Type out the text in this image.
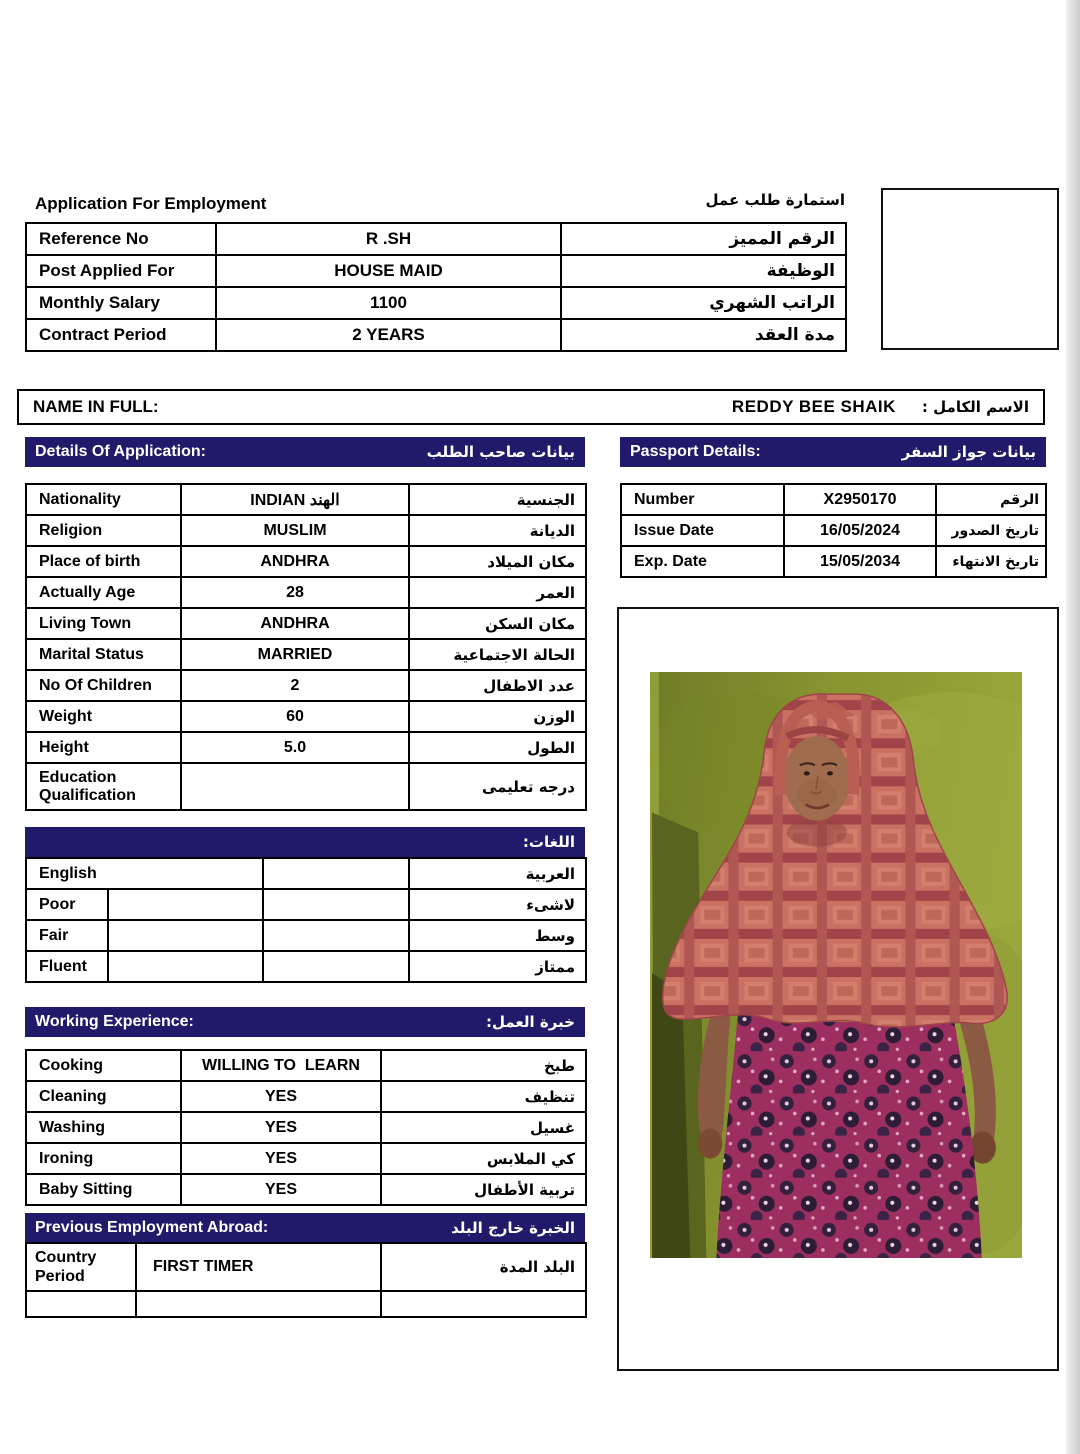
Application For Employment	استمارة طلب عمل
Reference No	R .SH	الرقم المميز
Post Applied For	HOUSE MAID	الوظيفة
Monthly Salary	1100	الراتب الشهري
Contract Period	2 YEARS	مدة العقد
NAME IN FULL:	REDDY BEE SHAIK الاسم الكامل :
Details Of Application:	بيانات صاحب الطلب	Passport Details:	بيانات جواز السفر
Nationality	INDIAN الهند	الجنسية
Religion	MUSLIM	الديانة
Place of birth	ANDHRA	مكان الميلاد
Actually Age	28	العمر
Living Town	ANDHRA	مكان السكن
Marital Status	MARRIED	الحالة الاجتماعية
No Of Children	2	عدد الاطفال
Weight	60	الوزن
Height	5.0	الطول
Education Qualification		درجه تعليمى
Number	X2950170	الرقم
Issue Date	16/05/2024	تاريخ الصدور
Exp. Date	15/05/2034	تاريخ الانتهاء
اللغات:
English			العربية
Poor			لاشىء
Fair			وسط
Fluent			ممتاز
Working Experience:	خبرة العمل:
Cooking	WILLING TO  LEARN	طبخ
Cleaning	YES	تنظيف
Washing	YES	غسيل
Ironing	YES	كي الملابس
Baby Sitting	YES	تربية الأطفال
Previous Employment Abroad:	الخبرة خارج البلد
Country Period	FIRST TIMER	البلد المدة
